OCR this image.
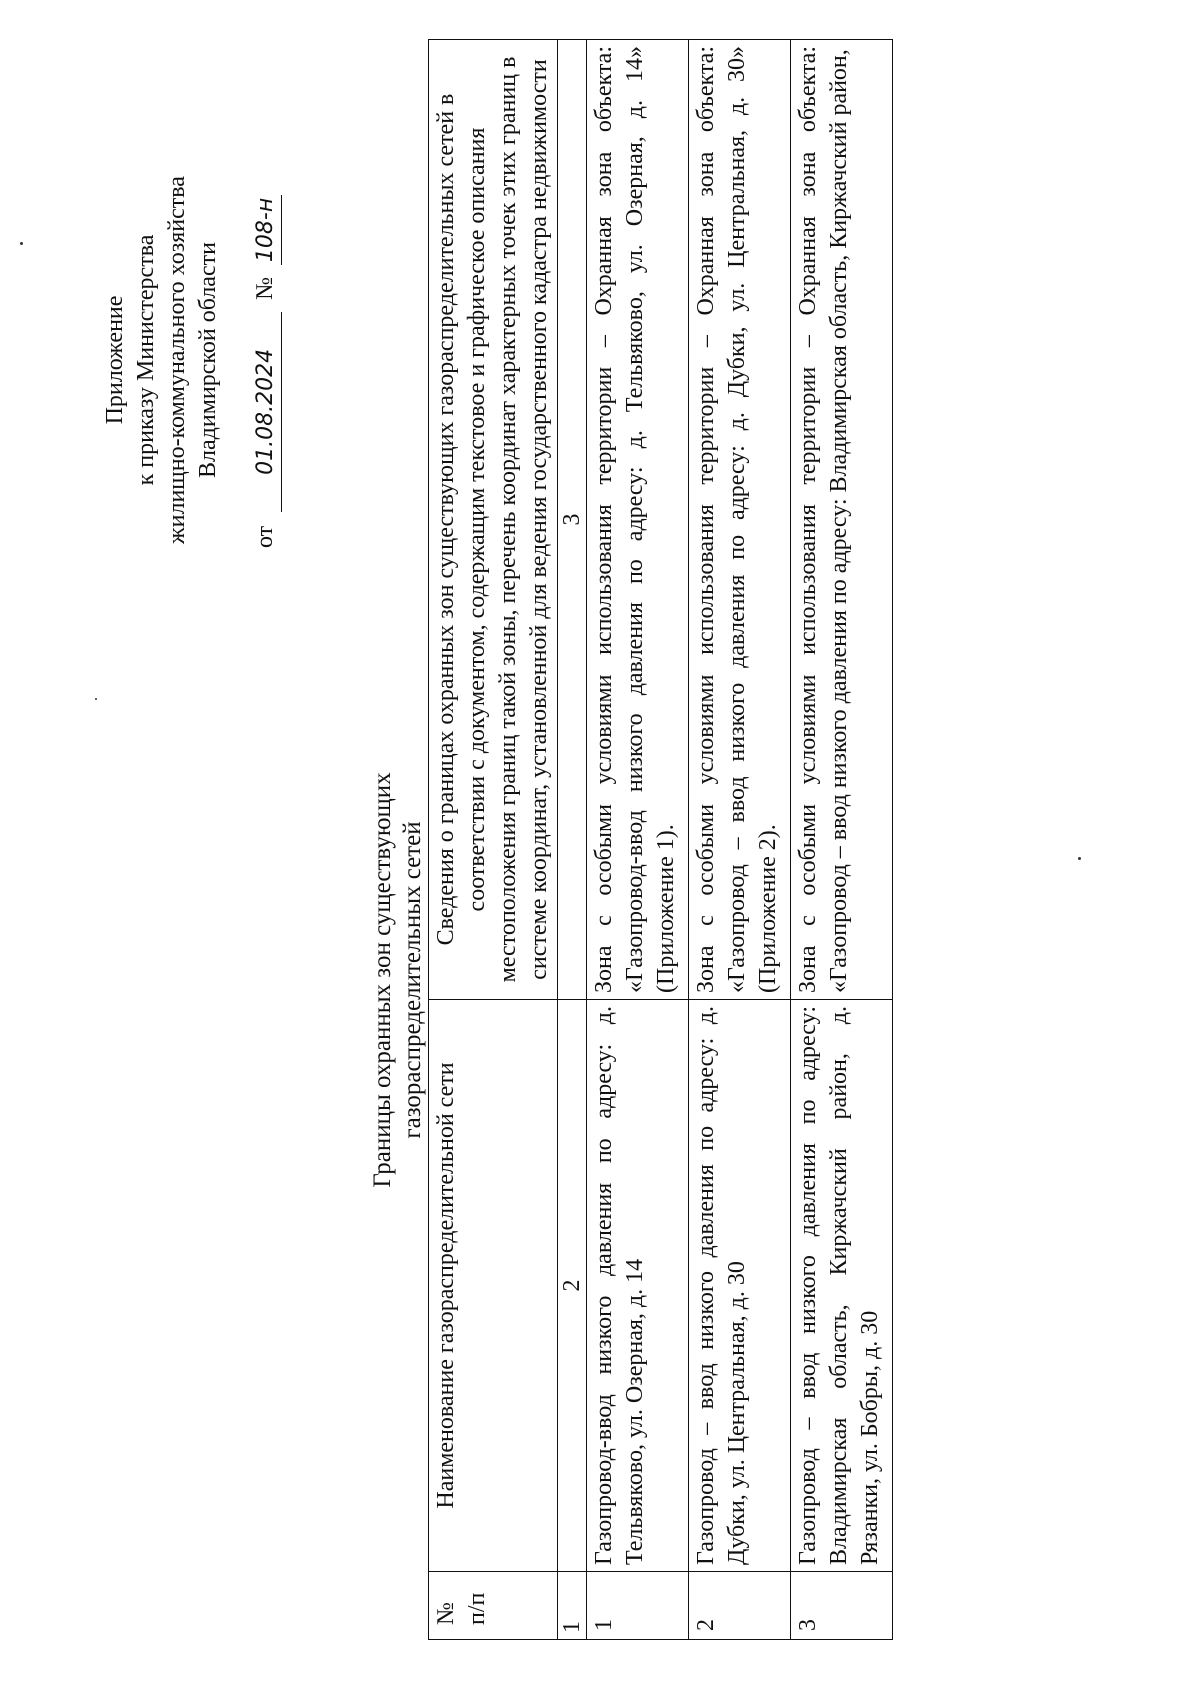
Приложение к приказу Министерства жилищно-коммунального хозяйства Владимирской области
от 01.08.2024 № 108-н
Границы охранных зон существующих газораспределительных сетей
№ п/п	Наименование газораспределительной сети	Сведения о границах охранных зон существующих газораспределительных сетей в соответствии с документом, содержащим текстовое и графическое описания местоположения границ такой зоны, перечень координат характерных точек этих границ в системе координат, установленной для ведения государственного кадастра недвижимости
1	2	3
1	Газопровод-ввод низкого давления по адресу: д. Тельвяково, ул. Озерная, д. 14	Зона с особыми условиями использования территории – Охранная зона объекта: «Газопровод-ввод низкого давления по адресу: д. Тельвяково, ул. Озерная, д. 14» (Приложение 1).
2	Газопровод – ввод низкого давления по адресу: д. Дубки, ул. Центральная, д. 30	Зона с особыми условиями использования территории – Охранная зона объекта: «Газопровод – ввод низкого давления по адресу: д. Дубки, ул. Центральная, д. 30» (Приложение 2).
3	Газопровод – ввод низкого давления по адресу: Владимирская область, Киржачский район, д. Рязанки, ул. Бобры, д. 30	Зона с особыми условиями использования территории – Охранная зона объекта: «Газопровод – ввод низкого давления по адресу: Владимирская область, Киржачский район,
